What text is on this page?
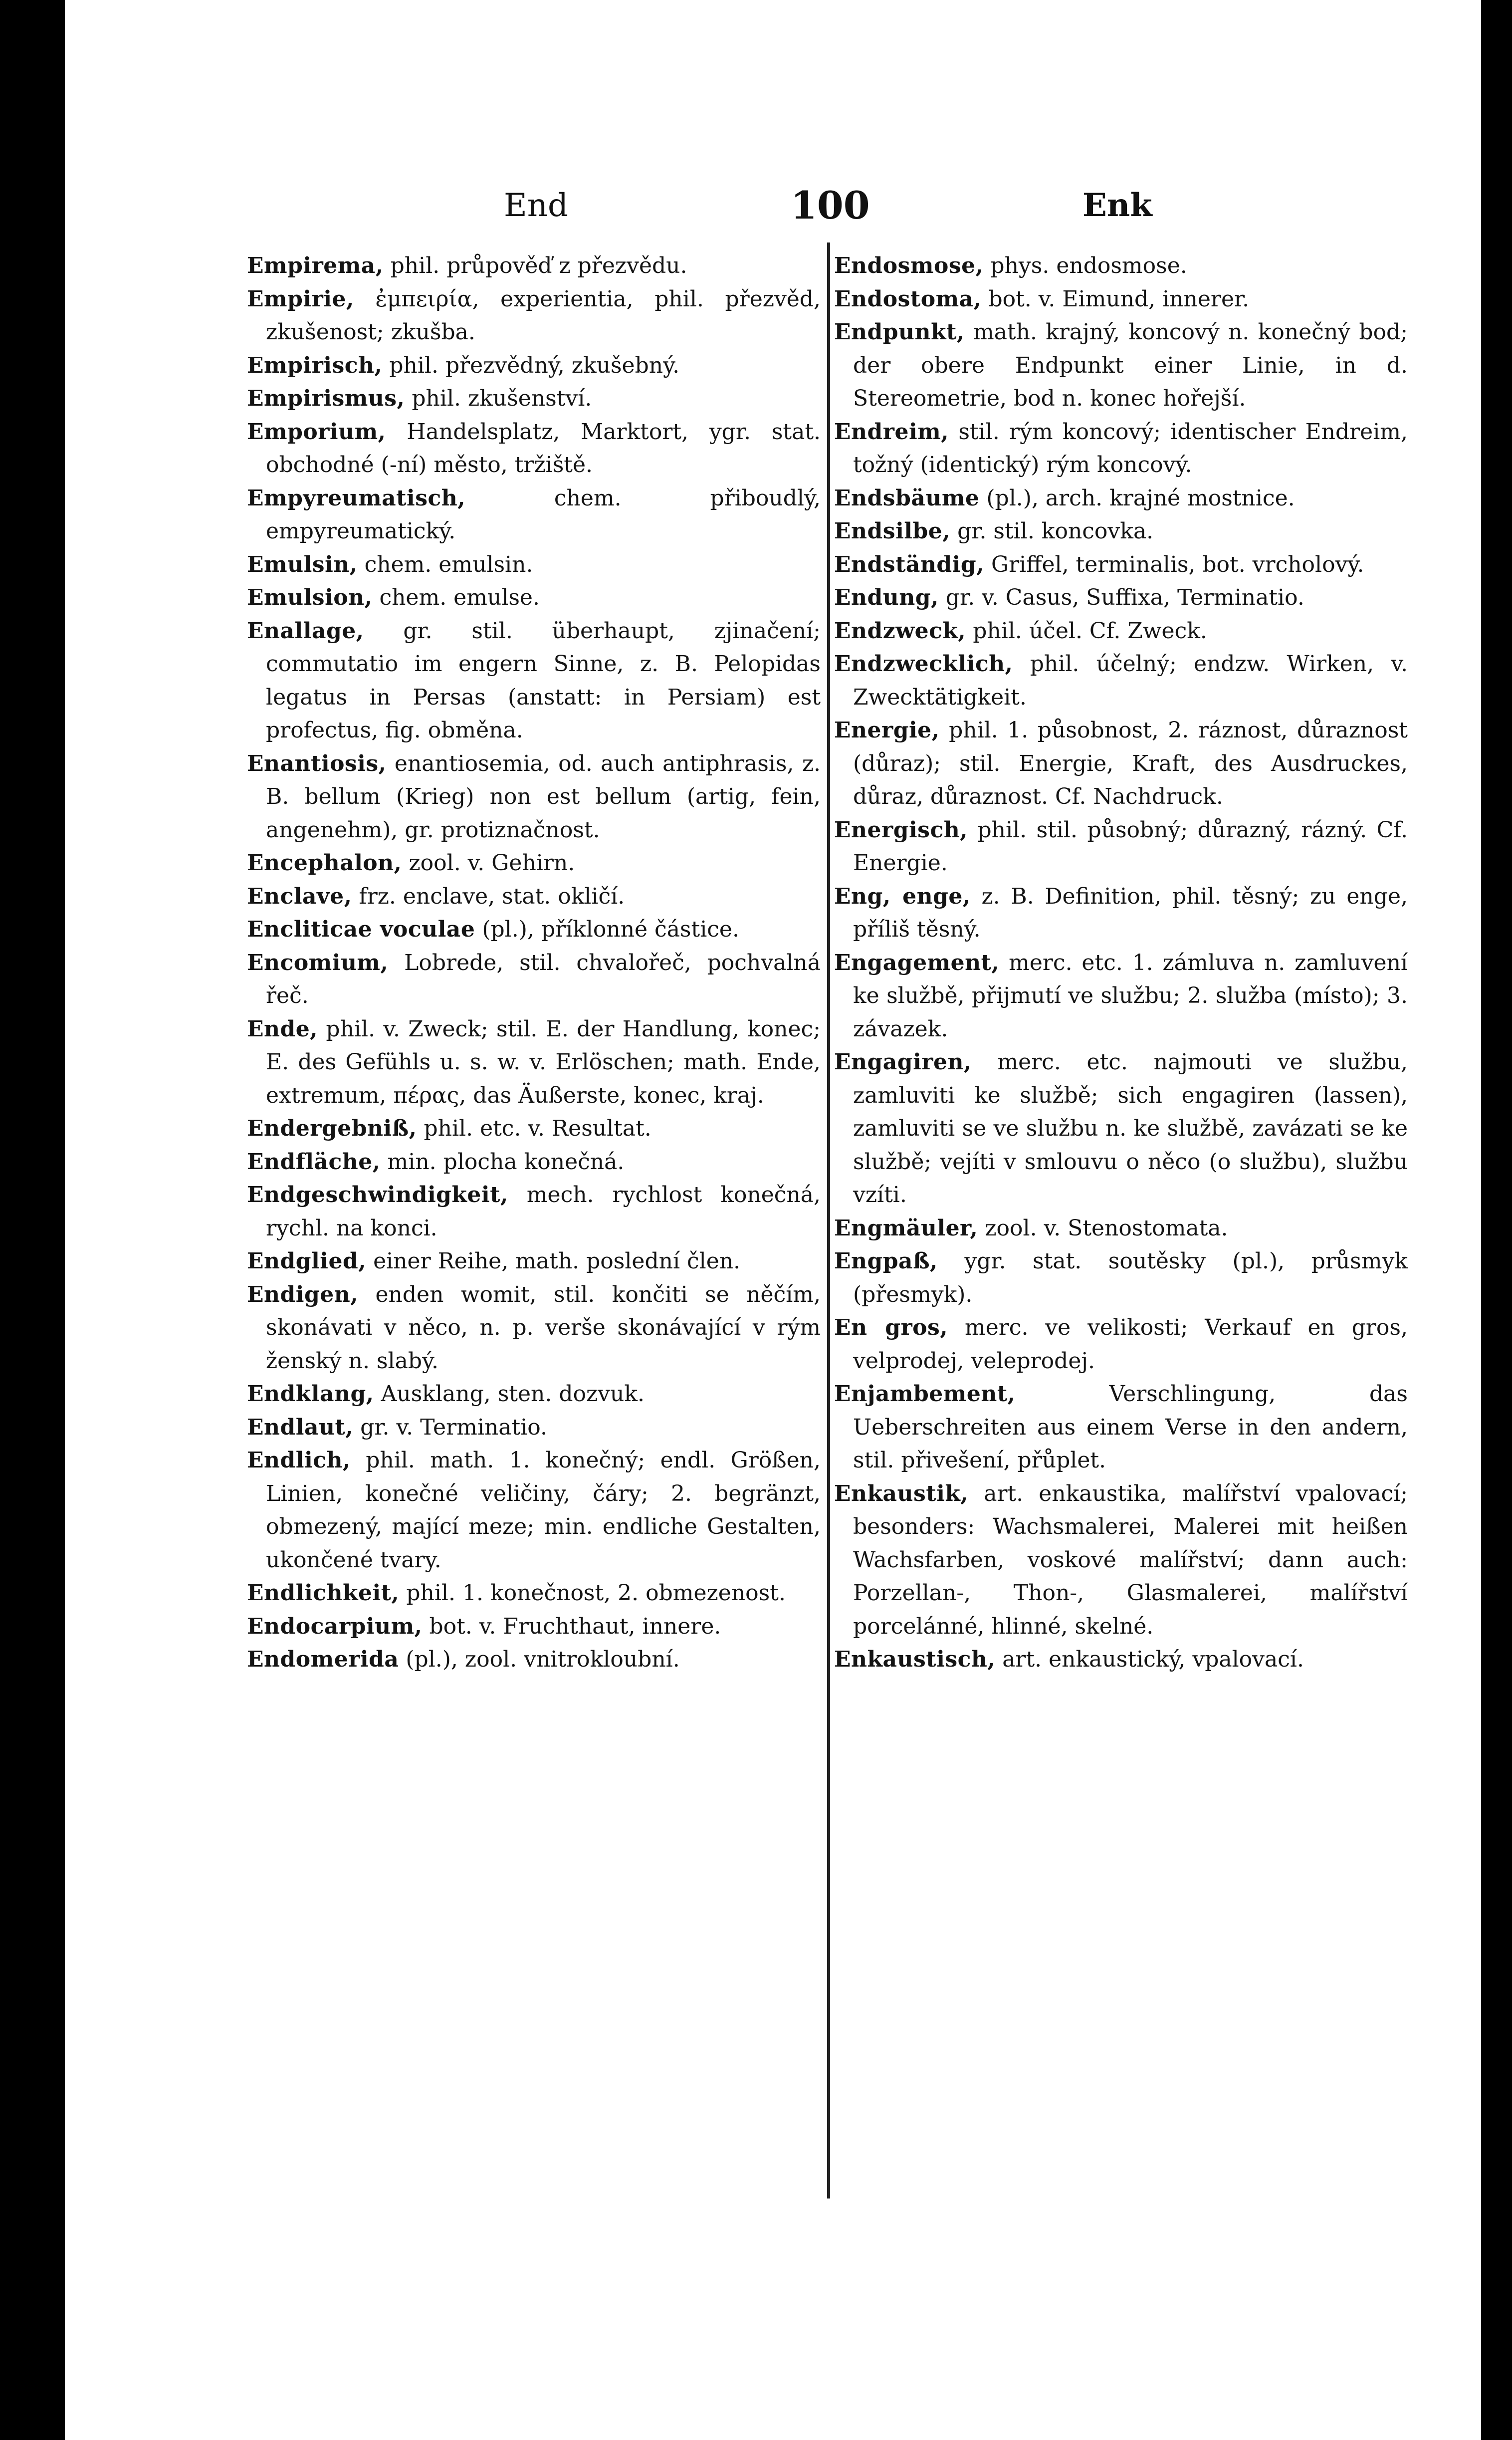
End	100	Enk

Empirema, phil. průpověď z přezvědu.

Empirie, ἐμπειρία, experientia, phil. přezvěd, zkušenost; zkušba.

Empirisch, phil. přezvědný, zkušebný.

Empirismus, phil. zkušenství.

Emporium, Handelsplatz, Marktort, ygr. stat. obchodné (-ní) město, tržiště.

Empyreumatisch,	chem. přiboudlý, empyreumatický.

Emulsin, chem. emulsin.

Emulsion, chem. emulse.

Enallage, gr. stil. überhaupt, zjinačení; commutatio im engern Sinne, z. B. Pelopidas legatus in Persas (anstatt: in Persiam) est profectus, fig. obměna.

Enantiosis, enantiosemia, od. auch antiphrasis, z. B. bellum (Krieg) non est bellum (artig, fein, angenehm), gr. protiznačnost.

Encephalon, zool. v. Gehirn.

Enclave, frz. enclave, stat. okličí.

Encliticae voculae (pl.), příklonné částice.

Encomium, Lobrede, stil. chvalořeč, pochvalná řeč.

Ende, phil. v. Zweck; stil. E. der Handlung, konec; E. des Gefühls u. s. w. v. Erlöschen; math. Ende, extremum, πέρας, das Äußerste, konec, kraj.

Endergebniß, phil. etc. v. Resultat.

Endfläche, min. plocha konečná.

Endgeschwindigkeit, mech. rychlost konečná, rychl. na konci.

Endglied, einer Reihe, math. poslední člen.

Endigen, enden womit, stil. končiti se něčím, skonávati v něco, n. p. verše skonávající v rým ženský n. slabý.

Endklang, Ausklang, sten. dozvuk.

Endlaut, gr. v. Terminatio.

Endlich, phil. math. 1. konečný; endl. Größen, Linien, konečné veličiny, čáry; 2. begränzt, obmezený, mající meze; min. endliche Gestalten, ukončené tvary.

Endlichkeit, phil. 1. konečnost, 2. obmezenost.

Endocarpium, bot. v. Fruchthaut, innere.

Endomerida (pl.), zool. vnitrokloubní.

Endosmose, phys. endosmose.

Endostoma, bot. v. Eimund, innerer.

Endpunkt, math. krajný, koncový n. konečný bod; der obere Endpunkt einer Linie, in d. Stereometrie, bod n. konec hořejší.

Endreim, stil. rým koncový; identischer Endreim, tožný (identický) rým koncový.

Endsbäume (pl.), arch. krajné mostnice.

Endsilbe, gr. stil. koncovka.

Endständig, Griffel, terminalis, bot. vrcholový.

Endung, gr. v. Casus, Suffixa, Terminatio.

Endzweck, phil. účel. Cf. Zweck.

Endzwecklich, phil. účelný; endzw. Wirken, v. Zwecktätigkeit.

Energie, phil. 1. působnost, 2. ráznost, důraznost (důraz); stil. Energie, Kraft, des Ausdruckes, důraz, důraznost. Cf. Nachdruck.

Energisch, phil. stil. působný; důrazný, rázný. Cf. Energie.

Eng, enge, z. B. Definition, phil. těsný; zu enge, příliš těsný.

Engagement, merc. etc. 1. zámluva n. zamluvení ke službě, přijmutí ve službu; 2. služba (místo); 3. závazek.

Engagiren, merc. etc. najmouti ve službu, zamluviti ke službě; sich engagiren (lassen), zamluviti se ve službu n. ke službě, zavázati se ke službě; vejíti v smlouvu o něco (o službu), službu vzíti.

Engmäuler, zool. v. Stenostomata.

Engpaß, ygr. stat. soutěsky (pl.), průsmyk (přesmyk).

En gros, merc. ve velikosti; Verkauf en gros, velprodej, veleprodej.

Enjambement,	Verschlingung, das Ueberschreiten aus einem Verse in den andern, stil. přivešení, přůplet.

Enkaustik, art. enkaustika, malířství vpalovací; besonders: Wachsmalerei, Malerei mit heißen Wachsfarben, voskové malířství; dann auch: Porzellan-, Thon-, Glasmalerei, malířství porcelánné, hlinné, skelné.

Enkaustisch, art. enkaustický, vpalovací.
